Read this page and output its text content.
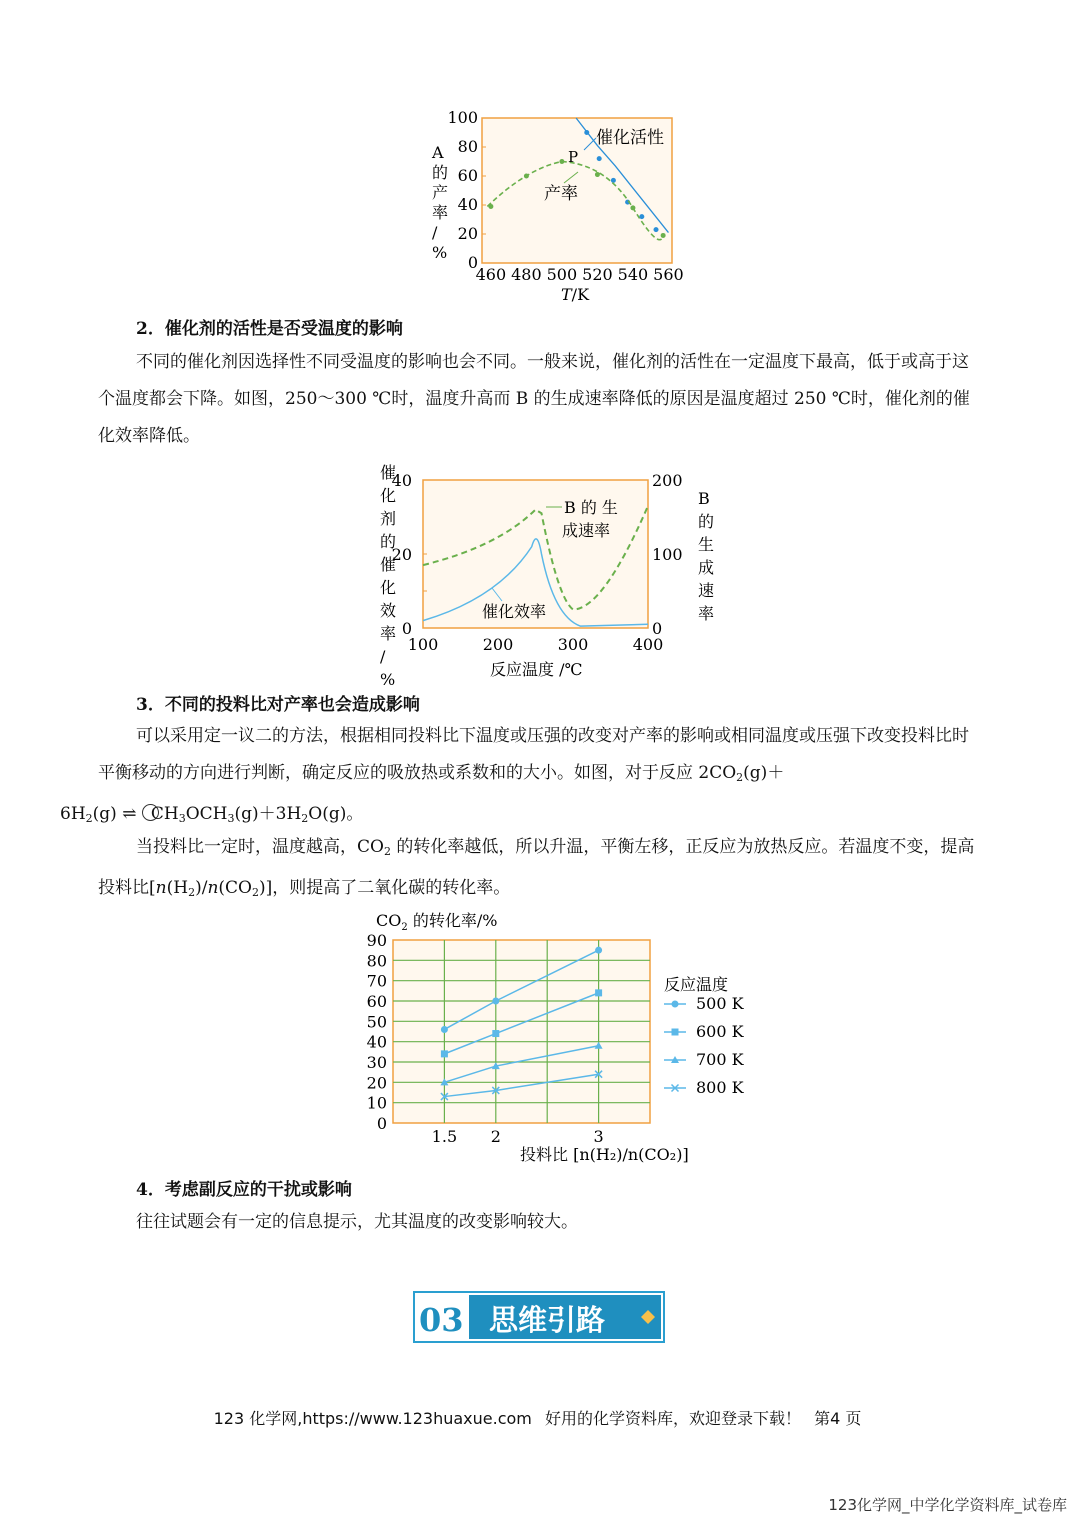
100
80
60
40
20
0
460 480 500 520 540 560
P
催化活性
产率
A 的产率/ %
T/K
2．催化剂的活性是否受温度的影响
不同的催化剂因选择性不同受温度的影响也会不同。一般来说，催化剂的活性在一定温度下最高，低于或高于这个温度都会下降。如图，250～300 ℃时，温度升高而 B 的生成速率降低的原因是温度超过 250 ℃时，催化剂的催化效率降低。
40
20
0
200
100
0
100	200	300	400
催化剂的催化效率/ %
B 的生成速率
B 的 生
成速率
催化效率
反应温度 /℃
3．不同的投料比对产率也会造成影响
可以采用定一议二的方法，根据相同投料比下温度或压强的改变对产率的影响或相同温度或压强下改变投料比时平衡移动的方向进行判断，确定反应的吸放热或系数和的大小。如图，对于反应 $2CO_2(g)+$
$6H_2(g)$ ⇌ $CH_3OCH_3(g)+3H_2O(g)$。
当投料比一定时，温度越高，$CO_2$ 的转化率越低，所以升温，平衡左移，正反应为放热反应。若温度不变，提高投料比$[n(H_2)/n(CO_2)]$，则提高了二氧化碳的转化率。
$CO_2$ 的转化率/%
90
80
70
60
50
40
30
20
10
0
1.5 2	3
投料比 [n(H₂)/n(CO₂)]
反应温度
500 K
600 K
700 K
800 K
4．考虑副反应的干扰或影响
往往试题会有一定的信息提示，尤其温度的改变影响较大。
03 思维引路
123 化学网,https://www.123huaxue.com 好用的化学资料库，欢迎登录下载！ 第4 页
123化学网_中学化学资料库_试卷库
